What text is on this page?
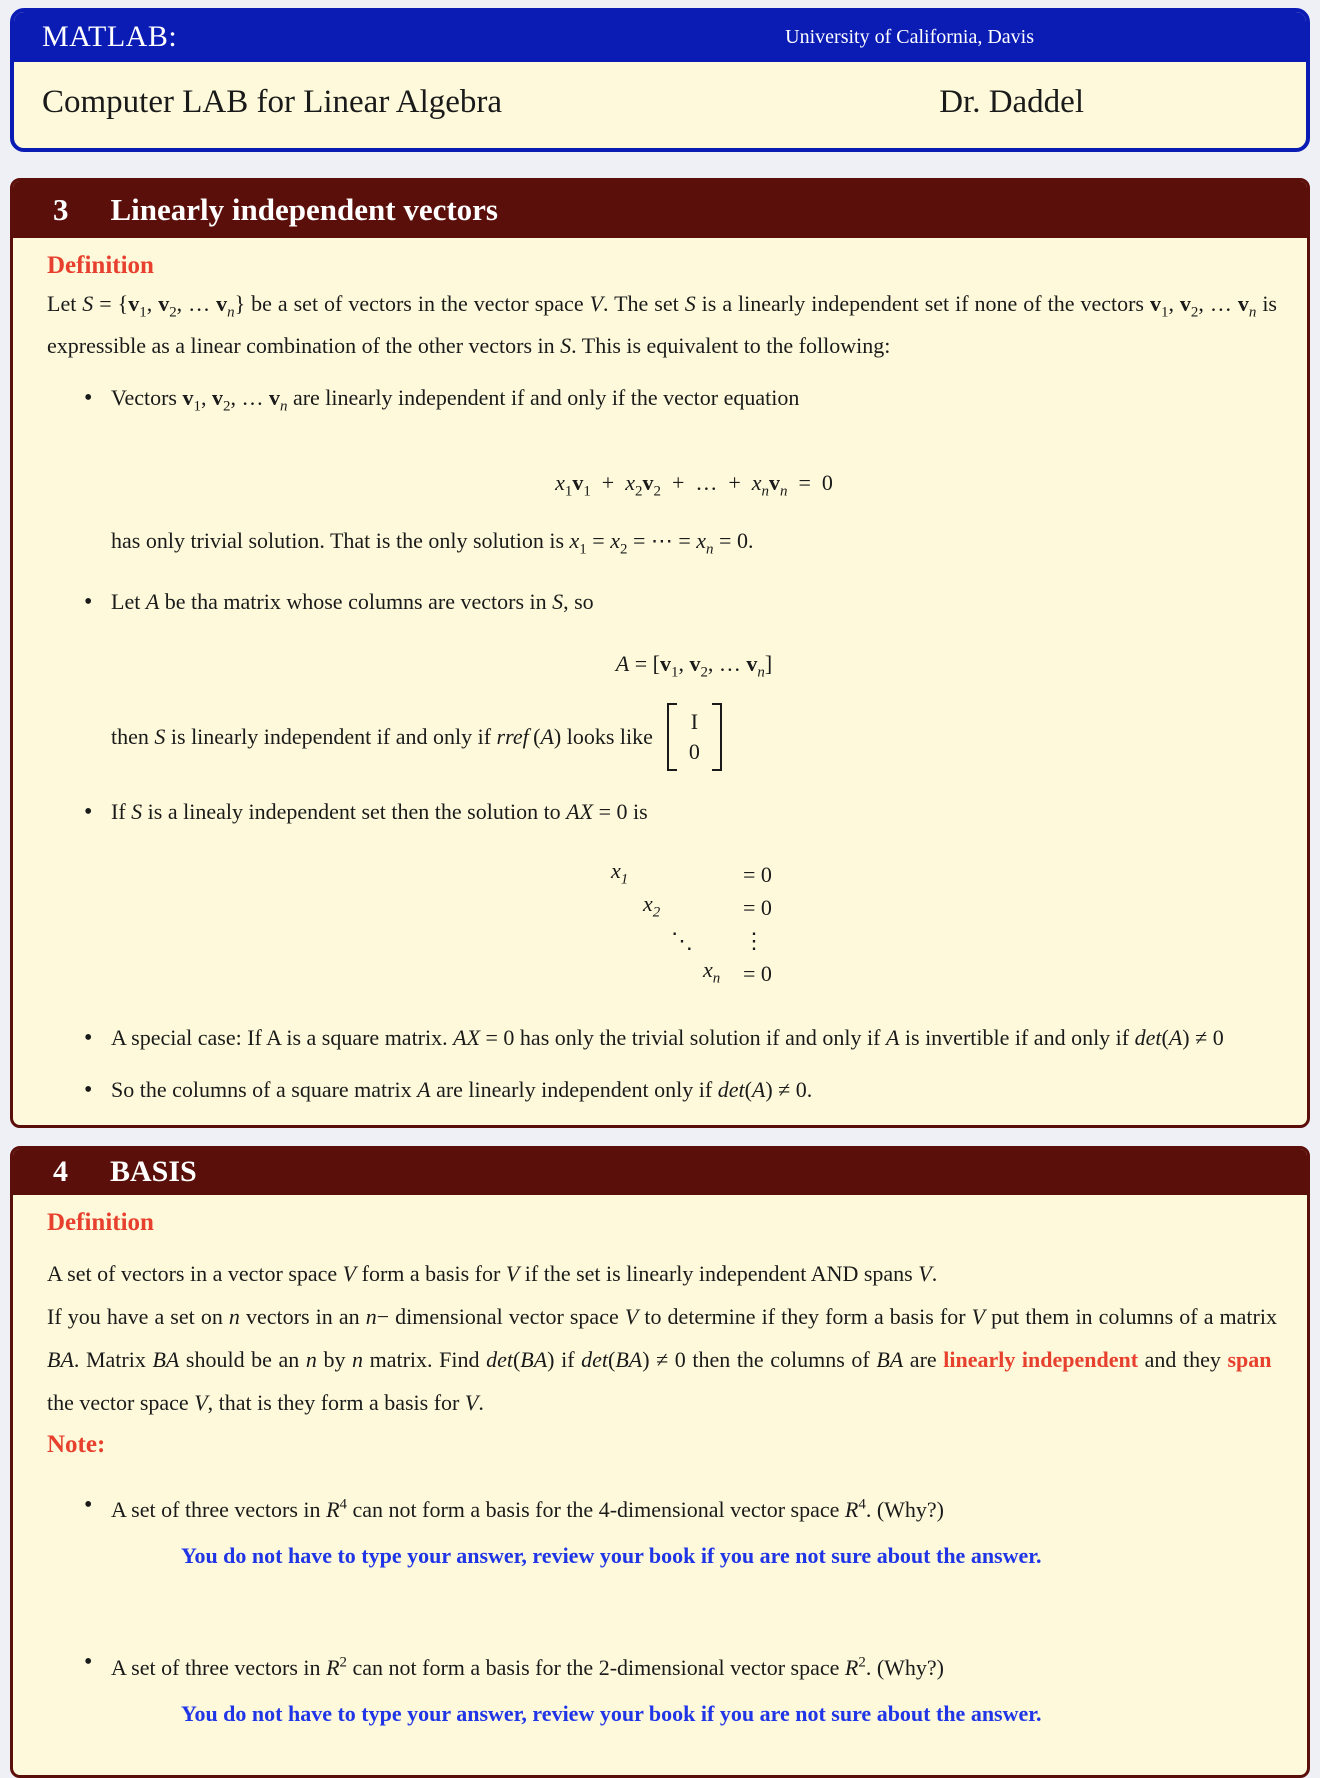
MATLAB:	University of California, Davis
Computer LAB for Linear Algebra	Dr. Daddel
3 Linearly independent vectors
Definition

Let $S = \{v_1$, $v_2$, … $v_n$} be a set of vectors in the vector space V. The set S is a linearly independent set if none of the vectors $v_1$, $v_2$, … $v_n$ is expressible as a linear combination of the other vectors in S. This is equivalent to the following:

• Vectors $v_1$, $v_2$, … $v_n$ are linearly independent if and only if the vector equation
$x_1v_1 + x_2v_2$  +  …  +  $x_nv_n = 0$
has only trivial solution. That is the only solution is $x_1 = x_2$ = ⋯ = $x_n = 0$.
• Let A be tha matrix whose columns are vectors in S, so
$A = [v_1$, $v_2$, … $v_n$]
then S is linearly independent if and only if rref (A) looks like
I
0
• If S is a linealy independent set then the solution to AX = 0 is
$x_1$	= 0
$x_2$	= 0
⋱	⋮
$x_n$	= 0
• A special case: If A is a square matrix. AX = 0 has only the trivial solution if and only if A is invertible if and only if det(A) ≠ 0
• So the columns of a square matrix A are linearly independent only if det(A) ≠ 0.
4 BASIS
Definition

A set of vectors in a vector space V form a basis for V if the set is linearly independent AND spans V.

If you have a set on n vectors in an n− dimensional vector space V to determine if they form a basis for V put them in columns of a matrix BA. Matrix BA should be an n by n matrix. Find det(BA) if det(BA) ≠ 0 then the columns of BA are linearly independent and they span  the vector space V, that is they form a basis for V.

Note:
• A set of three vectors in $R^4$ can not form a basis for the 4-dimensional vector space $R^4$. (Why?)
You do not have to type your answer, review your book if you are not sure about the answer.
• A set of three vectors in $R^2$ can not form a basis for the 2-dimensional vector space $R^2$. (Why?)
You do not have to type your answer, review your book if you are not sure about the answer.
